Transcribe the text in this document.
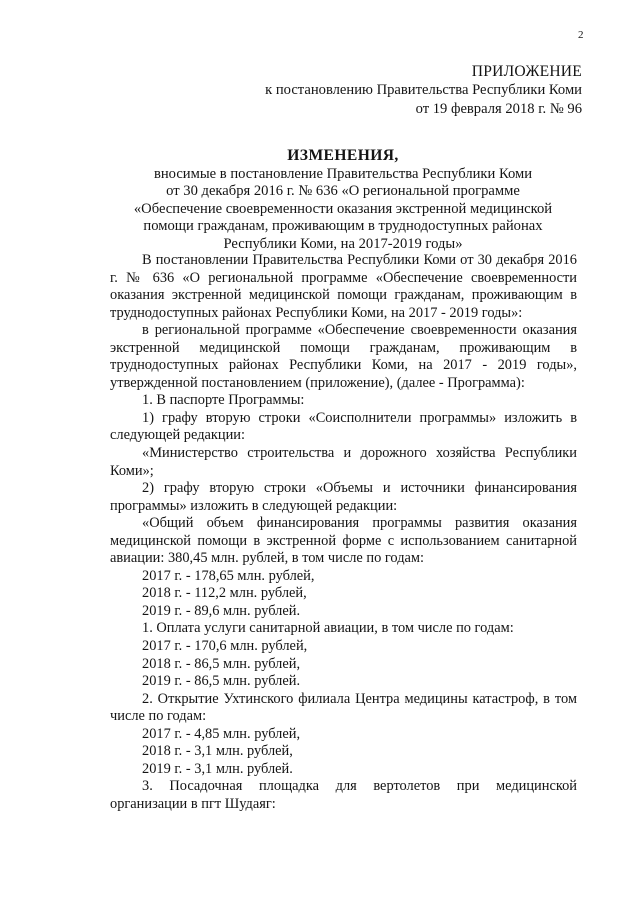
2
ПРИЛОЖЕНИЕ
к постановлению Правительства Республики Коми
от 19 февраля 2018 г. № 96
ИЗМЕНЕНИЯ,
вносимые в постановление Правительства Республики Коми
от 30 декабря 2016 г. № 636 «О региональной программе
«Обеспечение своевременности оказания экстренной медицинской
помощи гражданам, проживающим в труднодоступных районах
Республики Коми, на 2017-2019 годы»

В постановлении Правительства Республики Коми от 30 декабря 2016 г. № 636 «О региональной программе «Обеспечение своевременности оказания экстренной медицинской помощи гражданам, проживающим в труднодоступных районах Республики Коми, на 2017 - 2019 годы»:

в региональной программе «Обеспечение своевременности оказания экстренной медицинской помощи гражданам, проживающим в труднодоступных районах Республики Коми, на 2017 - 2019 годы», утвержденной постановлением (приложение), (далее - Программа):

1. В паспорте Программы:

1) графу вторую строки «Соисполнители программы» изложить в следующей редакции:

«Министерство строительства и дорожного хозяйства Республики Коми»;

2) графу вторую строки «Объемы и источники финансирования программы» изложить в следующей редакции:

«Общий объем финансирования программы развития оказания медицинской помощи в экстренной форме с использованием санитарной авиации: 380,45 млн. рублей, в том числе по годам:

2017 г. - 178,65 млн. рублей,

2018 г. - 112,2 млн. рублей,

2019 г. - 89,6 млн. рублей.

1. Оплата услуги санитарной авиации, в том числе по годам:

2017 г. - 170,6 млн. рублей,

2018 г. - 86,5 млн. рублей,

2019 г. - 86,5 млн. рублей.

2. Открытие Ухтинского филиала Центра медицины катастроф, в том числе по годам:

2017 г. - 4,85 млн. рублей,

2018 г. - 3,1 млн. рублей,

2019 г. - 3,1 млн. рублей.

3. Посадочная площадка для вертолетов при медицинской организации в пгт Шудаяг:
